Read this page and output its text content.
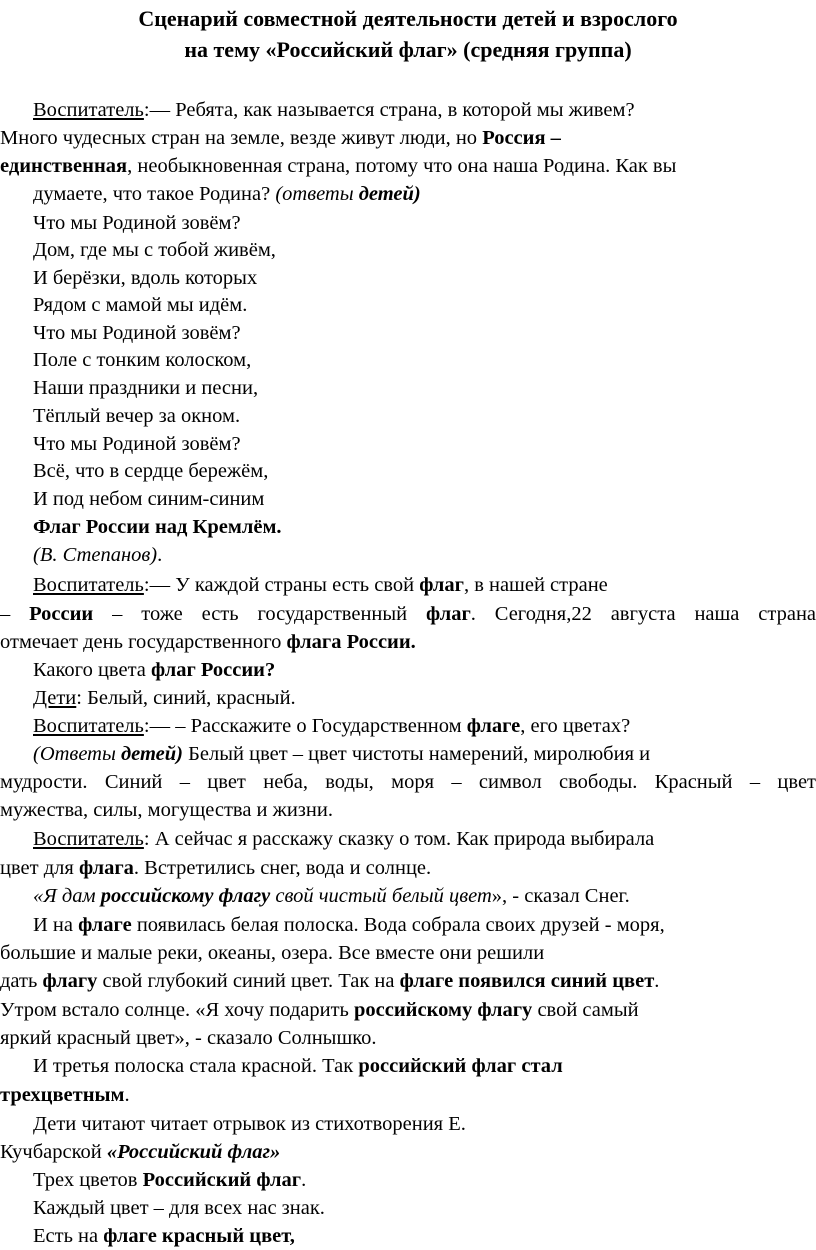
Сценарий совместной деятельности детей и взрослого
на тему «Российский флаг» (средняя группа)
Воспитатель:— Ребята, как называется страна, в которой мы живем?
Много чудесных стран на земле, везде живут люди, но Россия –
единственная, необыкновенная страна, потому что она наша Родина. Как вы
думаете, что такое Родина? (ответы детей)
Что мы Родиной зовём?
Дом, где мы с тобой живём,
И берёзки, вдоль которых
Рядом с мамой мы идём.
Что мы Родиной зовём?
Поле с тонким колоском,
Наши праздники и песни,
Тёплый вечер за окном.
Что мы Родиной зовём?
Всё, что в сердце бережём,
И под небом синим-синим
Флаг России над Кремлём.
(В. Степанов).
Воспитатель:— У каждой страны есть свой флаг, в нашей стране
– России – тоже есть государственный флаг. Сегодня,22 августа наша страна
отмечает день государственного флага России.
Какого цвета флаг России?
Дети: Белый, синий, красный.
Воспитатель:— – Расскажите о Государственном флаге, его цветах?
(Ответы детей) Белый цвет – цвет чистоты намерений, миролюбия и
мудрости. Синий – цвет неба, воды, моря – символ свободы. Красный – цвет
мужества, силы, могущества и жизни.
Воспитатель: А сейчас я расскажу сказку о том. Как природа выбирала
цвет для флага. Встретились снег, вода и солнце.
«Я дам российскому флагу свой чистый белый цвет», - сказал Снег.
И на флаге появилась белая полоска. Вода собрала своих друзей - моря,
большие и малые реки, океаны, озера. Все вместе они решили
дать флагу свой глубокий синий цвет. Так на флаге появился синий цвет.
Утром встало солнце. «Я хочу подарить российскому флагу свой самый
яркий красный цвет», - сказало Солнышко.
И третья полоска стала красной. Так российский флаг стал
трехцветным.
Дети читают читает отрывок из стихотворения Е.
Кучбарской «Российский флаг»
Трех цветов Российский флаг.
Каждый цвет – для всех нас знак.
Есть на флаге красный цвет,
